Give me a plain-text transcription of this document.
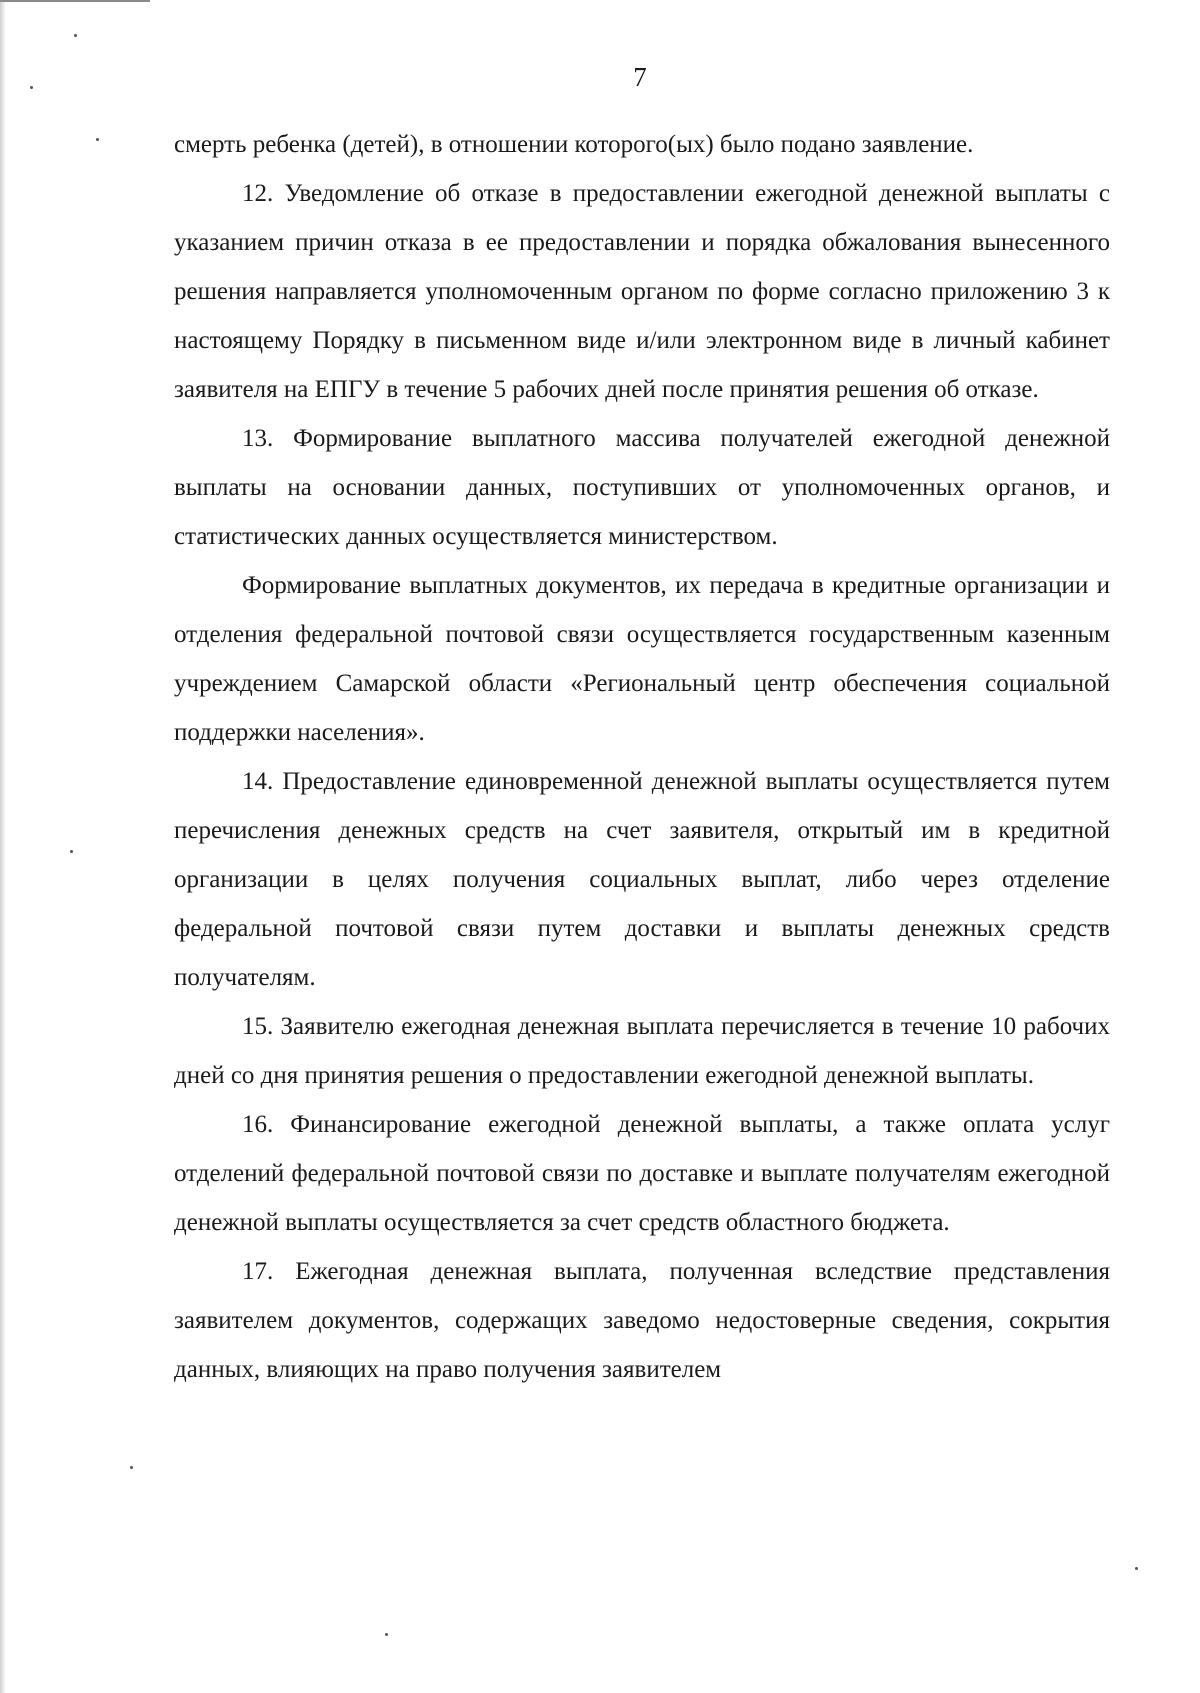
7

смерть ребенка (детей), в отношении которого(ых) было подано заявление.

12. Уведомление об отказе в предоставлении ежегодной денежной выплаты с указанием причин отказа в ее предоставлении и порядка обжалования вынесенного решения направляется уполномоченным органом по форме согласно приложению 3 к настоящему Порядку в письменном виде и/или электронном виде в личный кабинет заявителя на ЕПГУ в течение 5 рабочих дней после принятия решения об отказе.

13. Формирование выплатного массива получателей ежегодной денежной выплаты на основании данных, поступивших от уполномоченных органов, и статистических данных осуществляется министерством.

Формирование выплатных документов, их передача в кредитные организации и отделения федеральной почтовой связи осуществляется государственным казенным учреждением Самарской области «Региональный центр обеспечения социальной поддержки населения».

14. Предоставление единовременной денежной выплаты осуществляется путем перечисления денежных средств на счет заявителя, открытый им в кредитной организации в целях получения социальных выплат, либо через отделение федеральной почтовой связи путем доставки и выплаты денежных средств получателям.

15. Заявителю ежегодная денежная выплата перечисляется в течение 10 рабочих дней со дня принятия решения о предоставлении ежегодной денежной выплаты.

16. Финансирование ежегодной денежной выплаты, а также оплата услуг отделений федеральной почтовой связи по доставке и выплате получателям ежегодной денежной выплаты осуществляется за счет средств областного бюджета.

17. Ежегодная денежная выплата, полученная вследствие представления заявителем документов, содержащих заведомо недостоверные сведения, сокрытия данных, влияющих на право получения заявителем
